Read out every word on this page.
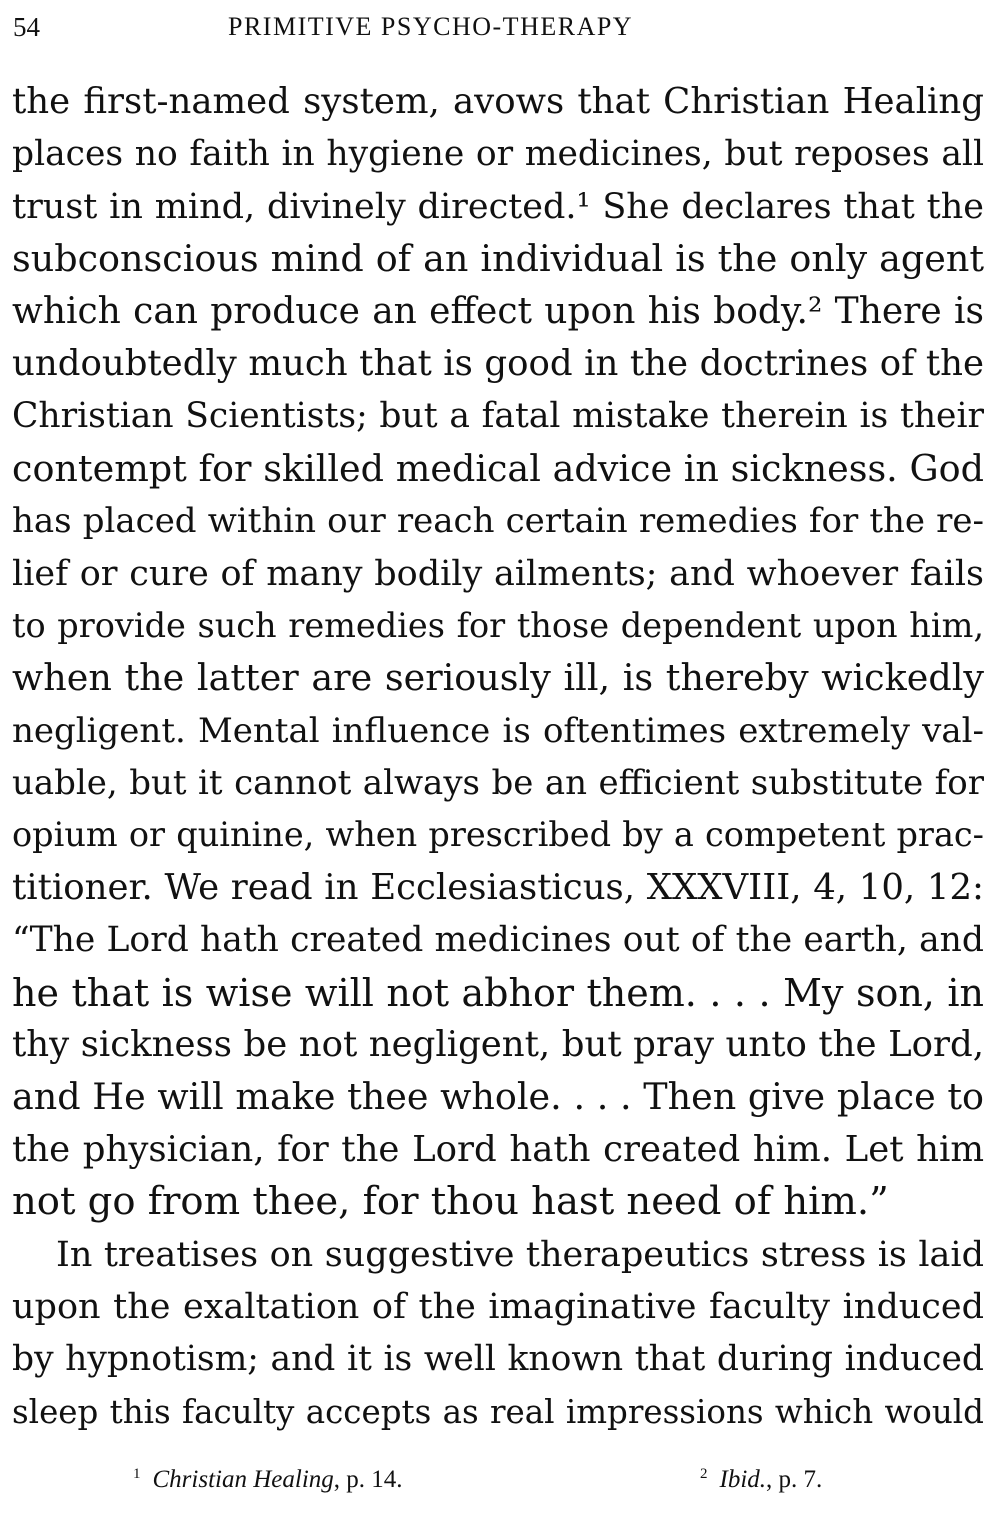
54	PRIMITIVE PSYCHO-THERAPY
the first-named system, avows that Christian Healing
places no faith in hygiene or medicines, but reposes all
trust in mind, divinely directed.¹ She declares that the
subconscious mind of an individual is the only agent
which can produce an effect upon his body.² There is
undoubtedly much that is good in the doctrines of the
Christian Scientists; but a fatal mistake therein is their
contempt for skilled medical advice in sickness. God
has placed within our reach certain remedies for the re-
lief or cure of many bodily ailments; and whoever fails
to provide such remedies for those dependent upon him,
when the latter are seriously ill, is thereby wickedly
negligent. Mental influence is oftentimes extremely val-
uable, but it cannot always be an efficient substitute for
opium or quinine, when prescribed by a competent prac-
titioner. We read in Ecclesiasticus, XXXVIII, 4, 10, 12:
“The Lord hath created medicines out of the earth, and
he that is wise will not abhor them. . . . My son, in
thy sickness be not negligent, but pray unto the Lord,
and He will make thee whole. . . . Then give place to
the physician, for the Lord hath created him. Let him
not go from thee, for thou hast need of him.”
In treatises on suggestive therapeutics stress is laid
upon the exaltation of the imaginative faculty induced
by hypnotism; and it is well known that during induced
sleep this faculty accepts as real impressions which would
$^1$ Christian Healing, p. 14.	$^2$ Ibid., p. 7.
